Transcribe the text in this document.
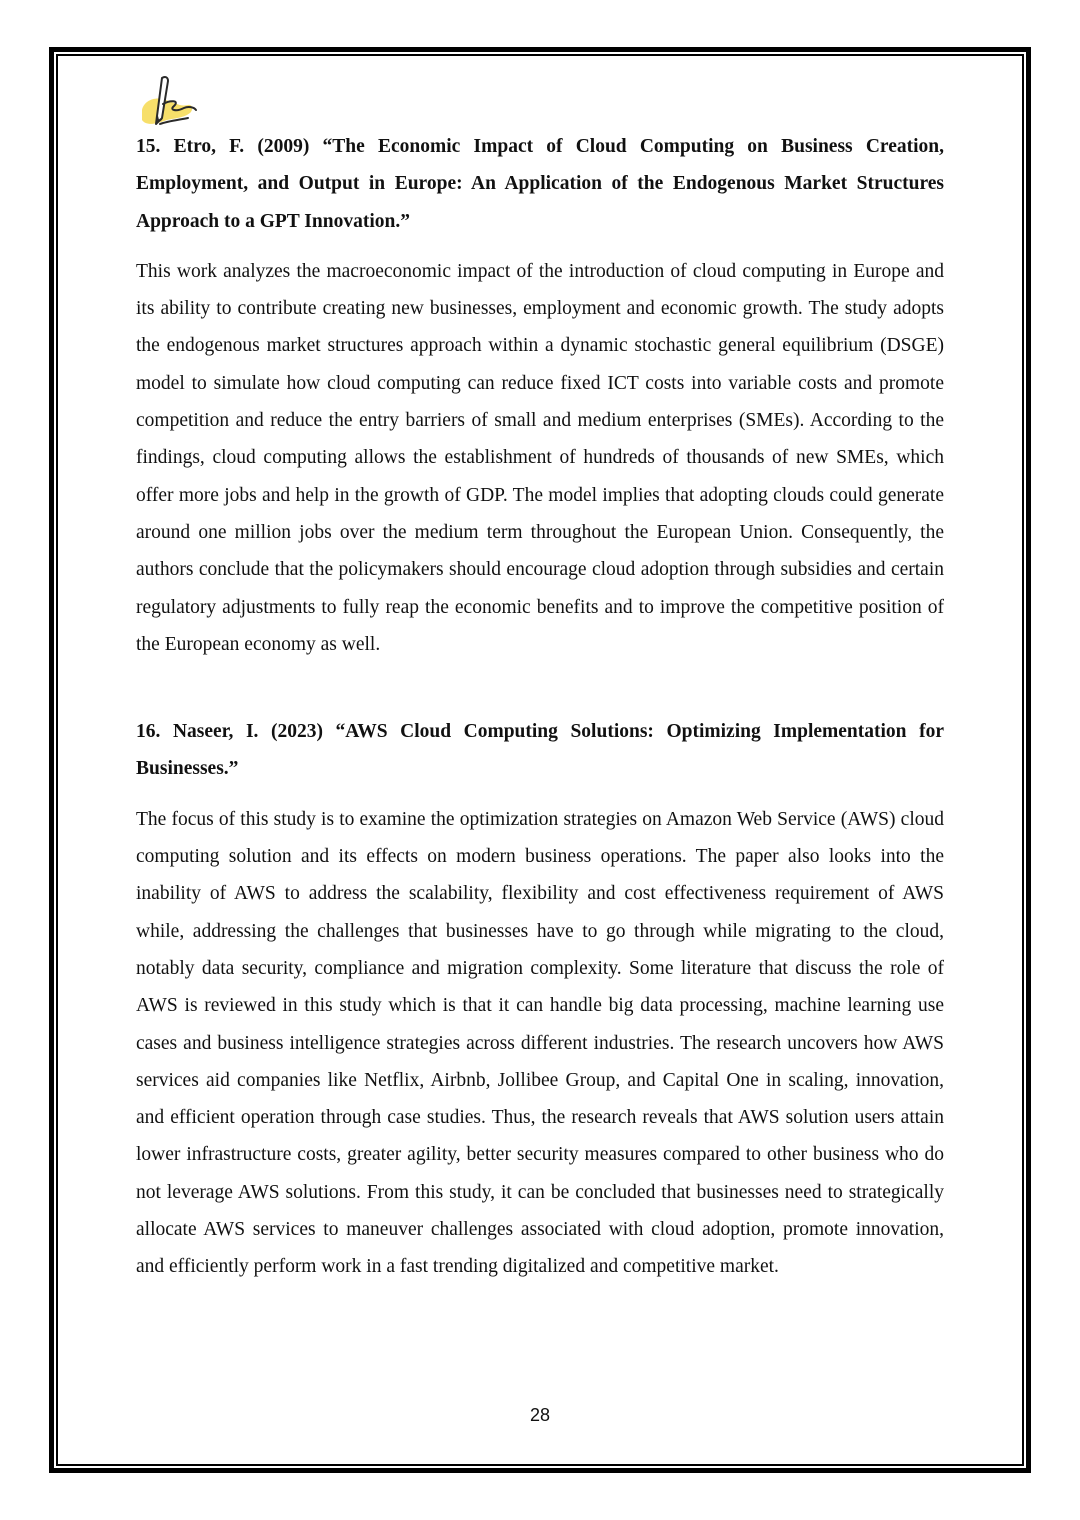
15. Etro, F. (2009) “The Economic Impact of Cloud Computing on Business Creation, Employment, and Output in Europe: An Application of the Endogenous Market Structures Approach to a GPT Innovation.”

This work analyzes the macroeconomic impact of the introduction of cloud computing in Europe and its ability to contribute creating new businesses, employment and economic growth. The study adopts the endogenous market structures approach within a dynamic stochastic general equilibrium (DSGE) model to simulate how cloud computing can reduce fixed ICT costs into variable costs and promote competition and reduce the entry barriers of small and medium enterprises (SMEs). According to the findings, cloud computing allows the establishment of hundreds of thousands of new SMEs, which offer more jobs and help in the growth of GDP. The model implies that adopting clouds could generate around one million jobs over the medium term throughout the European Union. Consequently, the authors conclude that the policymakers should encourage cloud adoption through subsidies and certain regulatory adjustments to fully reap the economic benefits and to improve the competitive position of the European economy as well.

16. Naseer, I. (2023) “AWS Cloud Computing Solutions: Optimizing Implementation for Businesses.”

The focus of this study is to examine the optimization strategies on Amazon Web Service (AWS) cloud computing solution and its effects on modern business operations. The paper also looks into the inability of AWS to address the scalability, flexibility and cost effectiveness requirement of AWS while, addressing the challenges that businesses have to go through while migrating to the cloud, notably data security, compliance and migration complexity. Some literature that discuss the role of AWS is reviewed in this study which is that it can handle big data processing, machine learning use cases and business intelligence strategies across different industries. The research uncovers how AWS services aid companies like Netflix, Airbnb, Jollibee Group, and Capital One in scaling, innovation, and efficient operation through case studies. Thus, the research reveals that AWS solution users attain lower infrastructure costs, greater agility, better security measures compared to other business who do not leverage AWS solutions. From this study, it can be concluded that businesses need to strategically allocate AWS services to maneuver challenges associated with cloud adoption, promote innovation, and efficiently perform work in a fast trending digitalized and competitive market.

28
